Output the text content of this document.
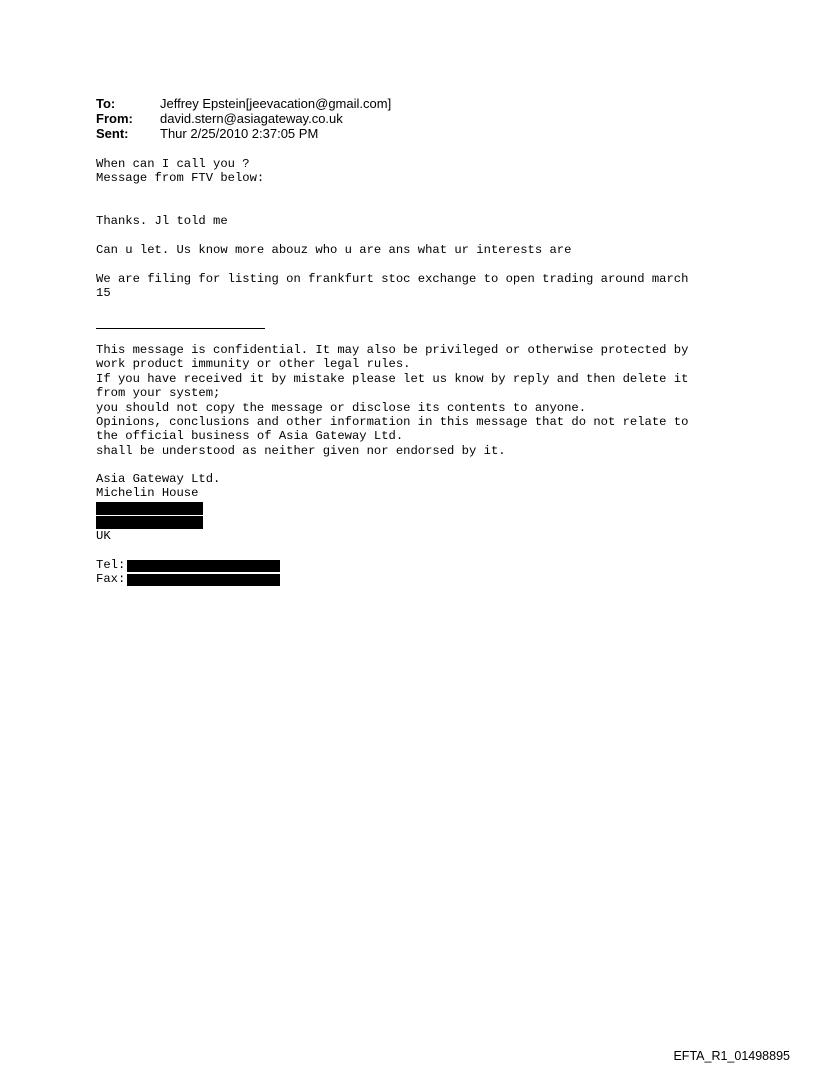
To:	Jeffrey Epstein[jeevacation@gmail.com]
From:	david.stern@asiagateway.co.uk
Sent:	Thur 2/25/2010 2:37:05 PM
When can I call you ?
Message from FTV below:
Thanks. Jl told me
Can u let. Us know more abouz who u are ans what ur interests are
We are filing for listing on frankfurt stoc exchange to open trading around march
15
This message is confidential. It may also be privileged or otherwise protected by
work product immunity or other legal rules.
If you have received it by mistake please let us know by reply and then delete it
from your system;
you should not copy the message or disclose its contents to anyone.
Opinions, conclusions and other information in this message that do not relate to
the official business of Asia Gateway Ltd.
shall be understood as neither given nor endorsed by it.
Asia Gateway Ltd.
Michelin House
UK
Tel:
Fax:
EFTA_R1_01498895
